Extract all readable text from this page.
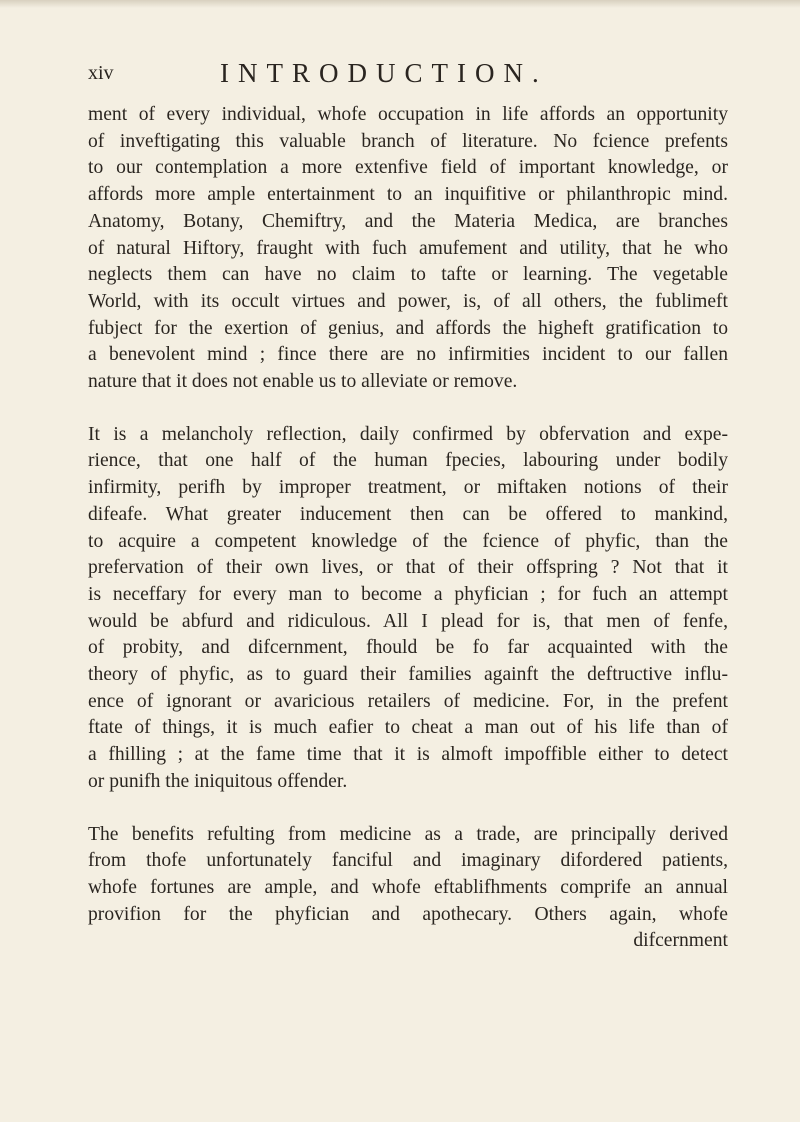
xiv	INTRODUCTION.
ment of every individual, whofe occupation in life affords an opportunity
of inveftigating this valuable branch of literature. No fcience prefents
to our contemplation a more extenfive field of important knowledge, or
affords more ample entertainment to an inquifitive or philanthropic mind.
Anatomy, Botany, Chemiftry, and the Materia Medica, are branches
of natural Hiftory, fraught with fuch amufement and utility, that he who
neglects them can have no claim to tafte or learning. The vegetable
World, with its occult virtues and power, is, of all others, the fublimeft
fubject for the exertion of genius, and affords the higheft gratification to
a benevolent mind ; fince there are no infirmities incident to our fallen
nature that it does not enable us to alleviate or remove.
It is a melancholy reflection, daily confirmed by obfervation and expe-
rience, that one half of the human fpecies, labouring under bodily
infirmity, perifh by improper treatment, or miftaken notions of their
difeafe. What greater inducement then can be offered to mankind,
to acquire a competent knowledge of the fcience of phyfic, than the
prefervation of their own lives, or that of their offspring ? Not that it
is neceffary for every man to become a phyfician ; for fuch an attempt
would be abfurd and ridiculous. All I plead for is, that men of fenfe,
of probity, and difcernment, fhould be fo far acquainted with the
theory of phyfic, as to guard their families againft the deftructive influ-
ence of ignorant or avaricious retailers of medicine. For, in the prefent
ftate of things, it is much eafier to cheat a man out of his life than of
a fhilling ; at the fame time that it is almoft impoffible either to detect
or punifh the iniquitous offender.
The benefits refulting from medicine as a trade, are principally derived
from thofe unfortunately fanciful and imaginary difordered patients,
whofe fortunes are ample, and whofe eftablifhments comprife an annual
provifion for the phyfician and apothecary. Others again, whofe
difcernment
